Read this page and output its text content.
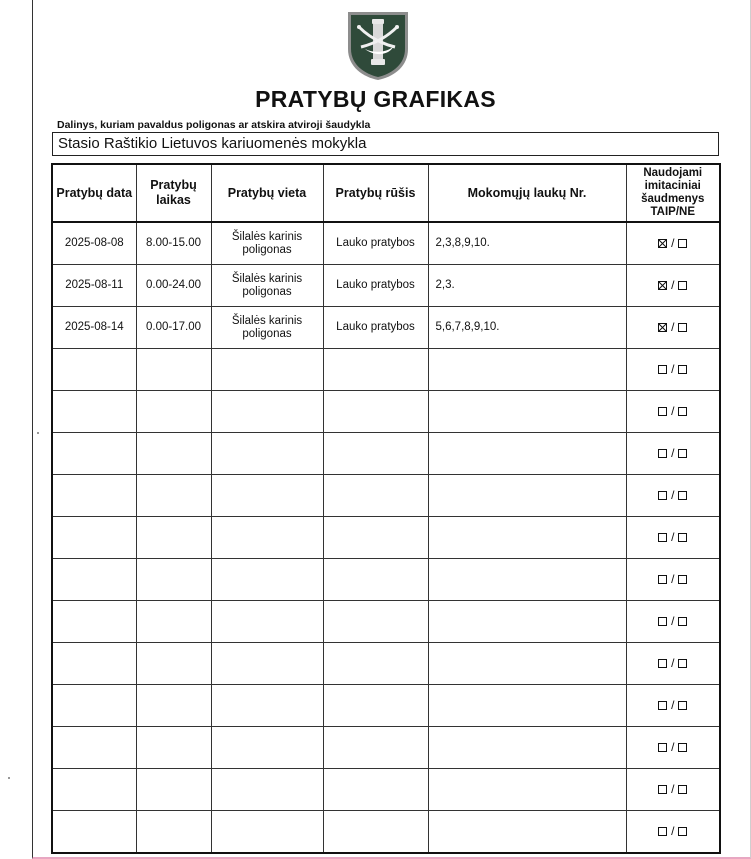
PRATYBŲ GRAFIKAS
Dalinys, kuriam pavaldus poligonas ar atskira atviroji šaudykla
Stasio Raštikio Lietuvos kariuomenės mokykla
Pratybų data	Pratybų laikas	Pratybų vieta	Pratybų rūšis	Mokomųjų laukų Nr.	Naudojami imitaciniai šaudmenys TAIP/NE
2025-08-08	8.00-15.00	Šilalės karinis poligonas	Lauko pratybos	2,3,8,9,10.	/
2025-08-11	0.00-24.00	Šilalės karinis poligonas	Lauko pratybos	2,3.	/
2025-08-14	0.00-17.00	Šilalės karinis poligonas	Lauko pratybos	5,6,7,8,9,10.	/
					/
					/
					/
					/
					/
					/
					/
					/
					/
					/
					/
					/
